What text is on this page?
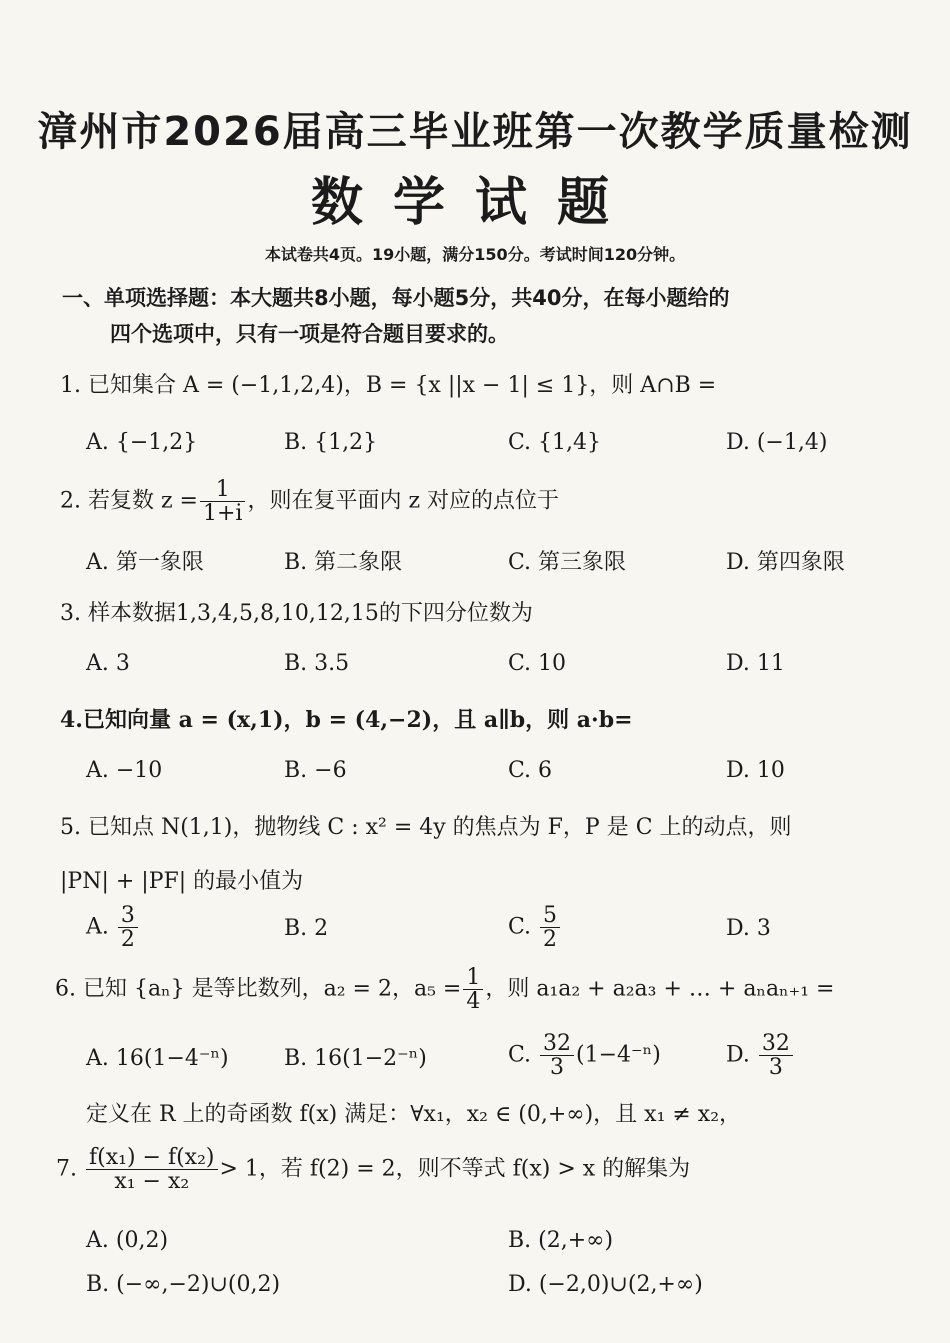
漳州市2026届高三毕业班第一次教学质量检测
数学试题
本试卷共4页。19小题，满分150分。考试时间120分钟。
一、单项选择题：本大题共8小题，每小题5分，共40分，在每小题给的
四个选项中，只有一项是符合题目要求的。
1. 已知集合 A = (−1,1,2,4)，B = {x ||x − 1| ≤ 1}，则 A∩B =
A. {−1,2}	B. {1,2}	C. {1,4}	D. (−1,4)
2. 若复数 $z = \frac{1}{1+i}$ ，则在复平面内 z 对应的点位于
A. 第一象限	B. 第二象限	C. 第三象限	D. 第四象限
3. 样本数据1,3,4,5,8,10,12,15的下四分位数为
A. 3	B. 3.5	C. 10	D. 11
4.已知向量 a = (x,1)，b = (4,−2)，且 a∥b，则 a·b=
A. −10	B. −6	C. 6	D. 10
5. 已知点 N(1,1)，抛物线 C : x² = 4y 的焦点为 F，P 是 C 上的动点，则
|PN| + |PF| 的最小值为
A. $\frac{3}{2}$	B. 2	C. $\frac{5}{2}$	D. 3
6. 已知 {aₙ} 是等比数列，a₂ = 2，$a_5 = \frac{1}{4}$ ，则 a₁a₂ + a₂a₃ + … + aₙaₙ₊₁ =
A. 16(1−4⁻ⁿ)	B. 16(1−2⁻ⁿ)	C. $\frac{32}{3} (1-4^{-n})$	D. $\frac{32}{3}$
定义在 R 上的奇函数 f(x) 满足：∀x₁，x₂ ∈ (0,+∞)，且 x₁ ≠ x₂，
7. $\frac{\text{f(x₁) − f(x₂)}}{\text{x₁ − x₂}} > 1$，若 f(2) = 2，则不等式 f(x) > x 的解集为
A. (0,2)	B. (2,+∞)
B. (−∞,−2)∪(0,2)	D. (−2,0)∪(2,+∞)
